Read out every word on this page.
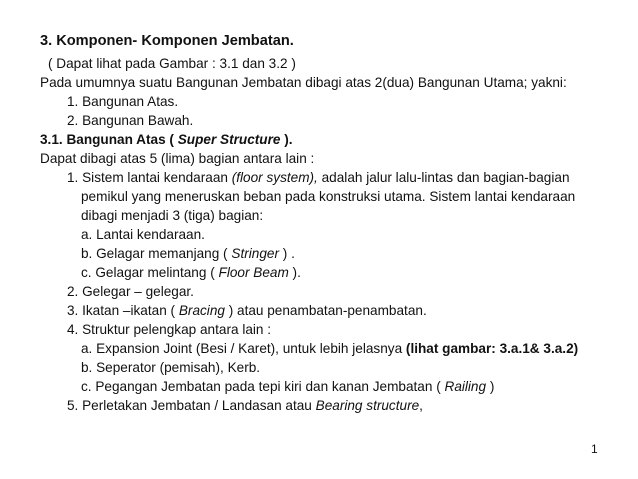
3. Komponen- Komponen Jembatan.
( Dapat lihat pada Gambar : 3.1 dan 3.2 )
Pada umumnya suatu Bangunan Jembatan dibagi atas 2(dua) Bangunan Utama; yakni:
1. Bangunan Atas.
2. Bangunan Bawah.
3.1. Bangunan Atas ( Super Structure ).
Dapat dibagi atas 5 (lima) bagian antara lain :
1. Sistem lantai kendaraan (floor system), adalah jalur lalu-lintas dan bagian-bagian
pemikul yang meneruskan beban pada konstruksi utama. Sistem lantai kendaraan
dibagi menjadi 3 (tiga) bagian:
a. Lantai kendaraan.
b. Gelagar memanjang ( Stringer ) .
c. Gelagar melintang ( Floor Beam ).
2. Gelegar – gelegar.
3. Ikatan –ikatan ( Bracing ) atau penambatan-penambatan.
4. Struktur pelengkap antara lain :
a. Expansion Joint (Besi / Karet), untuk lebih jelasnya (lihat gambar: 3.a.1& 3.a.2)
b. Seperator (pemisah), Kerb.
c. Pegangan Jembatan pada tepi kiri dan kanan Jembatan ( Railing )
5. Perletakan Jembatan / Landasan atau Bearing structure,
1
